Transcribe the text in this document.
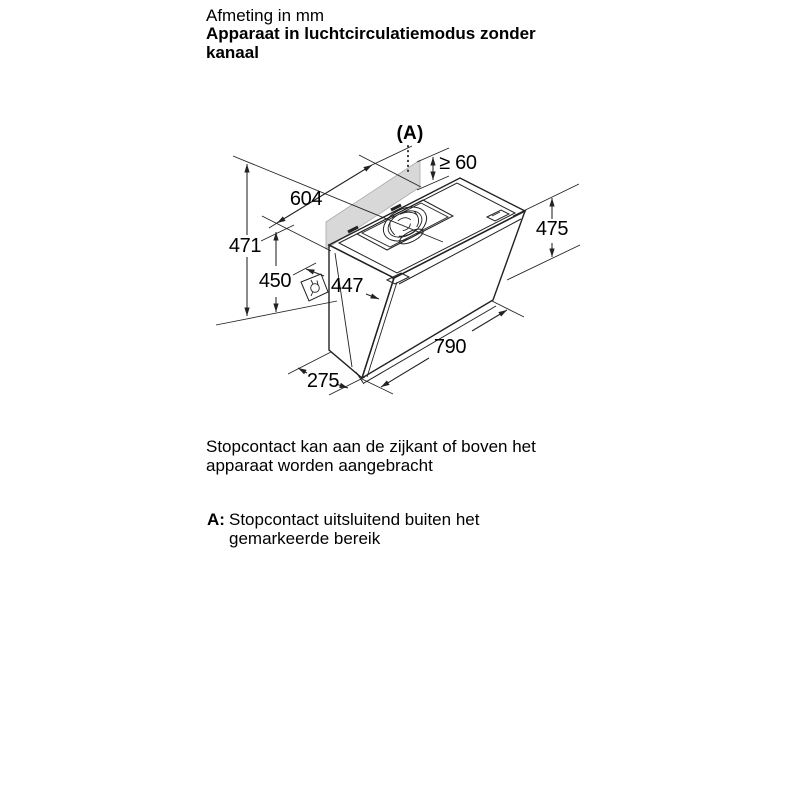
Afmeting in mm
Apparaat in luchtcirculatiemodus zonder
kanaal
(A)
≥ 60
604
471
450 447
275
790
475
Stopcontact kan aan de zijkant of boven het
apparaat worden aangebracht
A: Stopcontact uitsluitend buiten het
gemarkeerde bereik
